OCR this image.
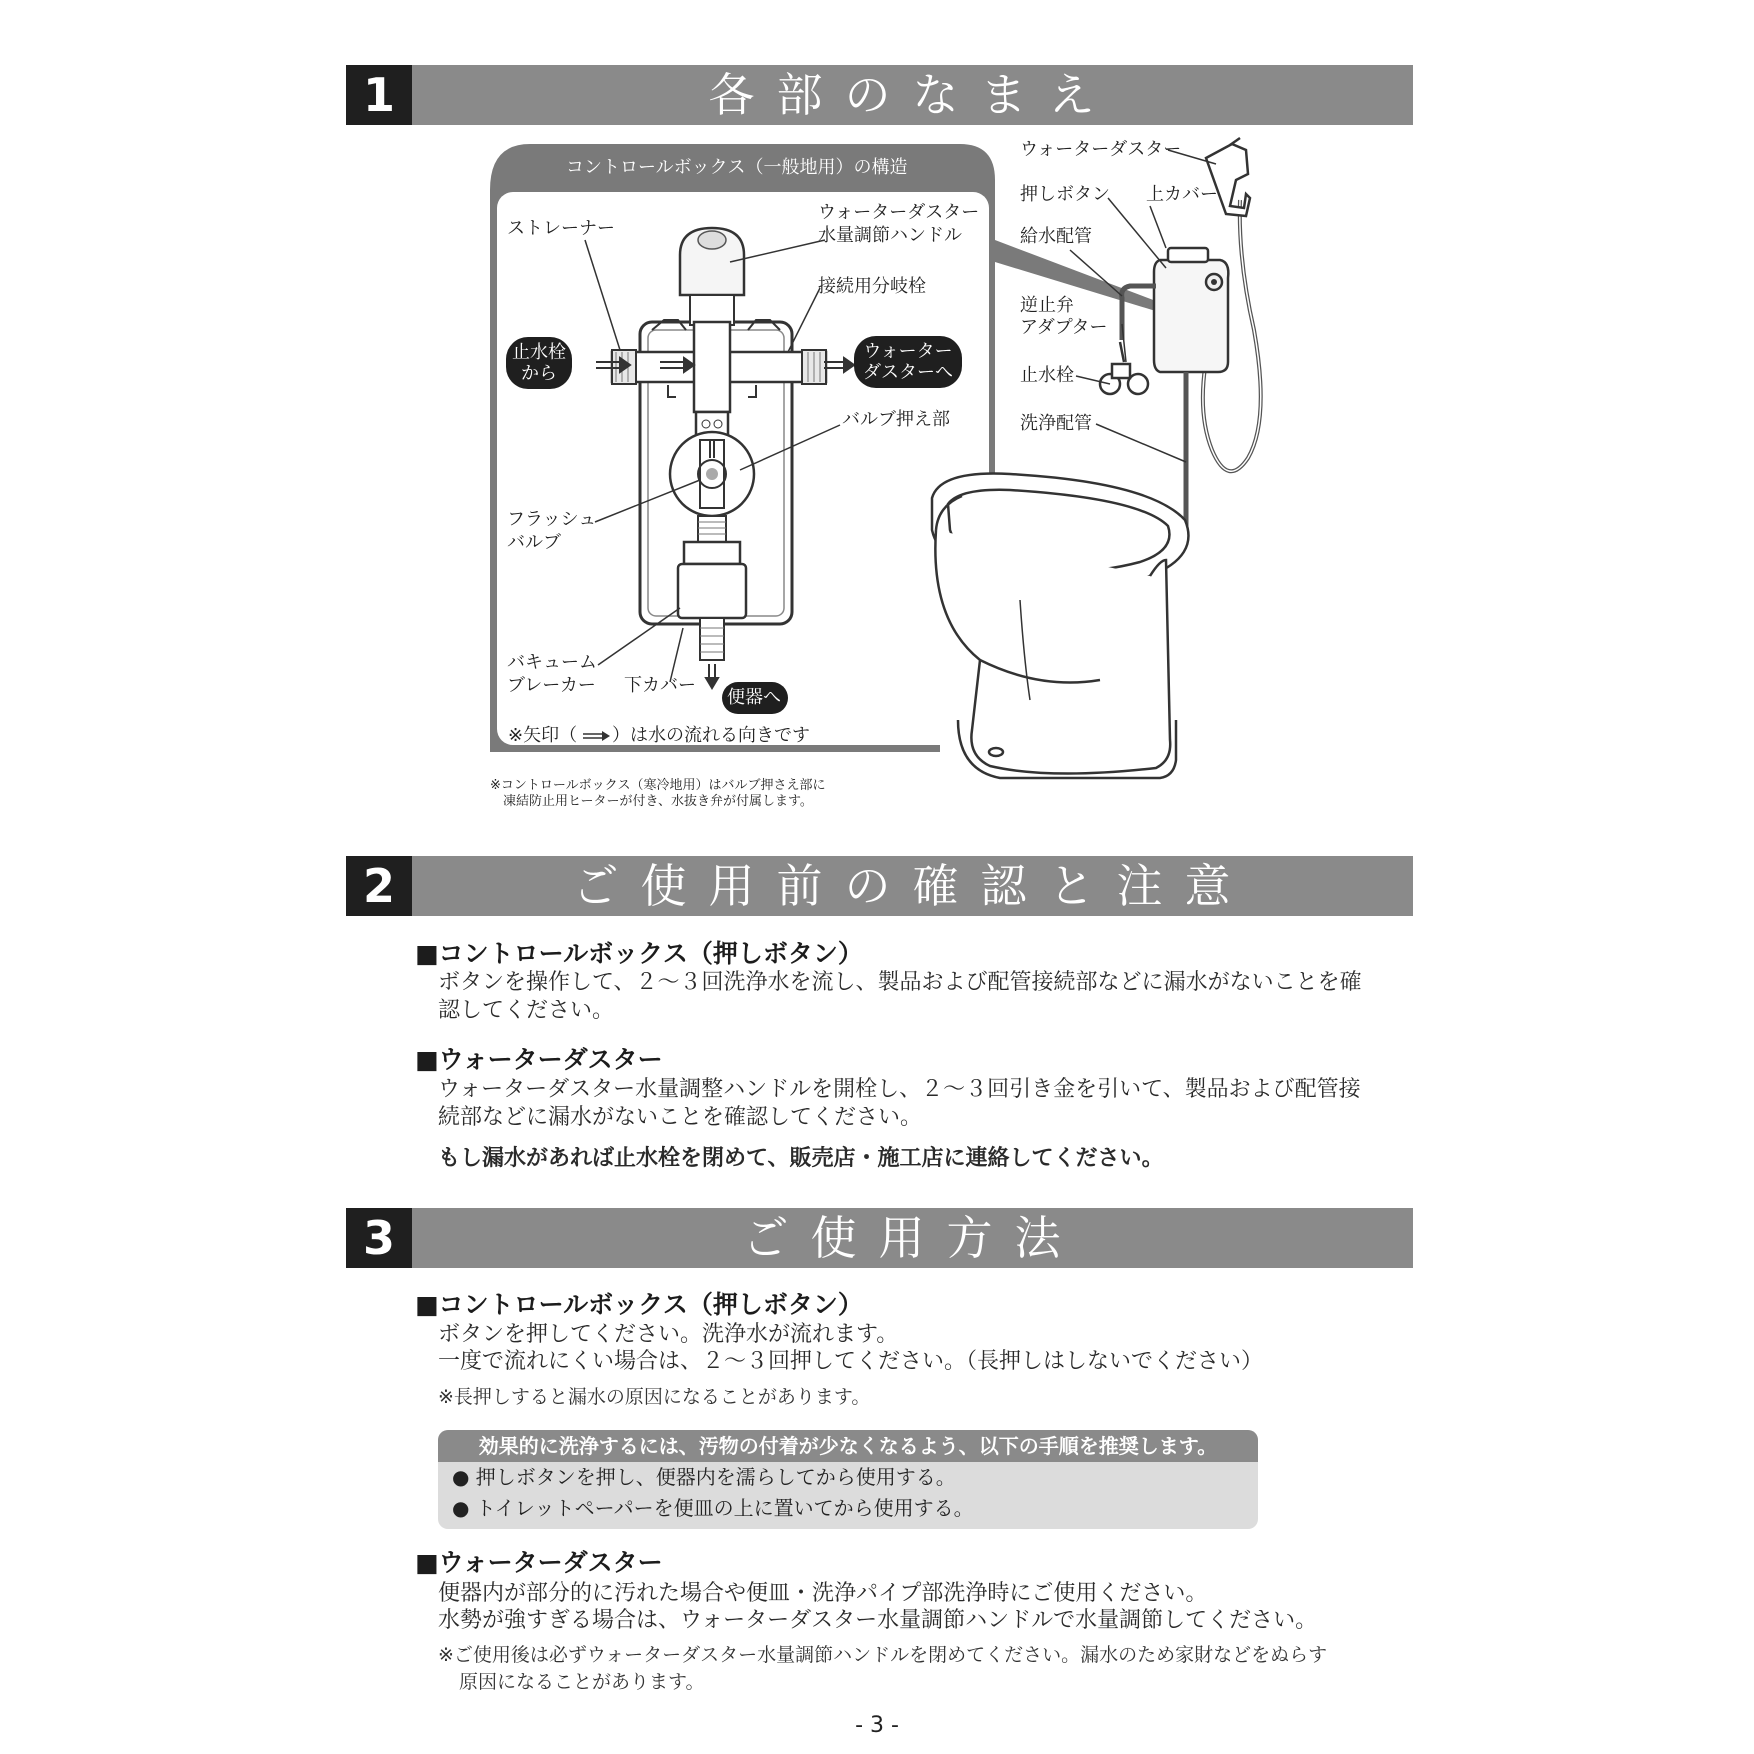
1	各部のなまえ
コントロールボックス（一般地用）の構造
ストレーナー
ウォーターダスター
水量調節ハンドル
接続用分岐栓
バルブ押え部
フラッシュ
バルブ
バキューム
ブレーカー 下カバー
止水栓
から
ウォーター
ダスターへ
便器へ
※矢印（ ）は水の流れる向きです
ウォーターダスター
押しボタン 上カバー
給水配管
逆止弁
アダプター
止水栓
洗浄配管
※コントロールボックス（寒冷地用）はバルブ押さえ部に
凍結防止用ヒーターが付き、水抜き弁が付属します。
2	ご使用前の確認と注意
■コントロールボックス（押しボタン）
ボタンを操作して、２～３回洗浄水を流し、製品および配管接続部などに漏水がないことを確
認してください。
■ウォーターダスター
ウォーターダスター水量調整ハンドルを開栓し、２～３回引き金を引いて、製品および配管接
続部などに漏水がないことを確認してください。
もし漏水があれば止水栓を閉めて、販売店・施工店に連絡してください。
3	ご使用方法
■コントロールボックス（押しボタン）
ボタンを押してください。洗浄水が流れます。
一度で流れにくい場合は、２～３回押してください。（長押しはしないでください）
※長押しすると漏水の原因になることがあります。
効果的に洗浄するには、汚物の付着が少なくなるよう、以下の手順を推奨します。
● 押しボタンを押し、便器内を濡らしてから使用する。
● トイレットペーパーを便皿の上に置いてから使用する。
■ウォーターダスター
便器内が部分的に汚れた場合や便皿・洗浄パイプ部洗浄時にご使用ください。
水勢が強すぎる場合は、ウォーターダスター水量調節ハンドルで水量調節してください。
※ご使用後は必ずウォーターダスター水量調節ハンドルを閉めてください。漏水のため家財などをぬらす
原因になることがあります。
- 3 -
